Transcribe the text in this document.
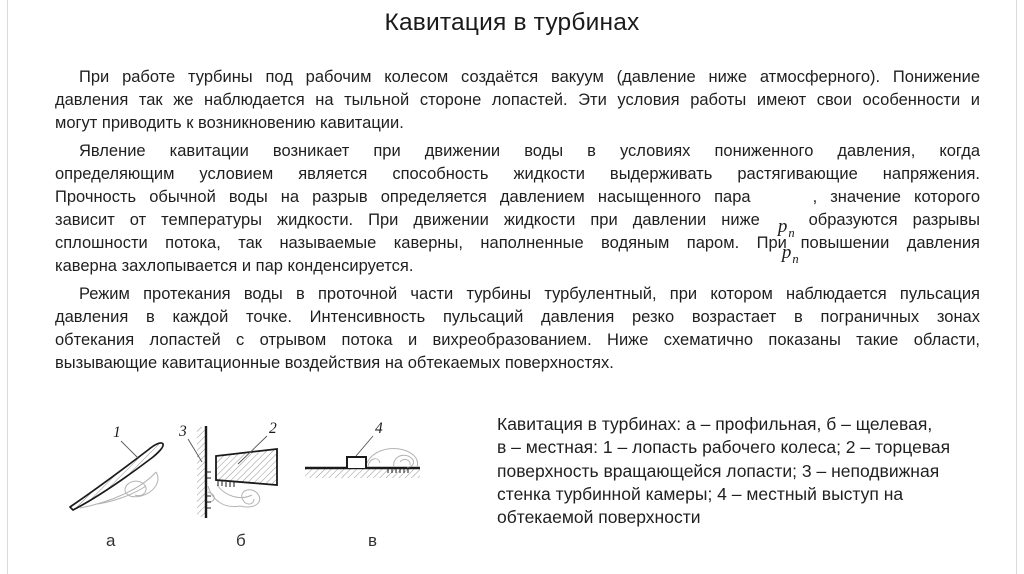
Кавитация в турбинах
При работе турбины под рабочим колесом создаётся вакуум (давление ниже атмосферного). Понижение
давления так же наблюдается на тыльной стороне лопастей. Эти условия работы имеют свои особенности и
могут приводить к возникновению кавитации.
Явление кавитации возникает при движении воды в условиях пониженного давления, когда
определяющим условием является способность жидкости выдерживать растягивающие напряжения.
Прочность обычной воды на разрыв определяется давлением насыщенного пара	, значение которого
зависит от температуры жидкости. При движении жидкости при давлении ниже $p_побразуются$ разрывы
сплошности потока, так называемые каверны, наполненные водяным паром. Приp$_п$повышении давления
каверна захлопывается и пар конденсируется.
Режим протекания воды в проточной части турбины турбулентный, при котором наблюдается пульсация
давления в каждой точке. Интенсивность пульсаций давления резко возрастает в пограничных зонах
обтекания лопастей с отрывом потока и вихреобразованием. Ниже схематично показаны такие области,
вызывающие кавитационные воздействия на обтекаемых поверхностях.
1
а
3	2
б
4
в
Кавитация в турбинах: а – профильная, б – щелевая,
в – местная: 1 – лопасть рабочего колеса; 2 – торцевая
поверхность вращающейся лопасти; 3 – неподвижная
стенка турбинной камеры; 4 – местный выступ на
обтекаемой поверхности
